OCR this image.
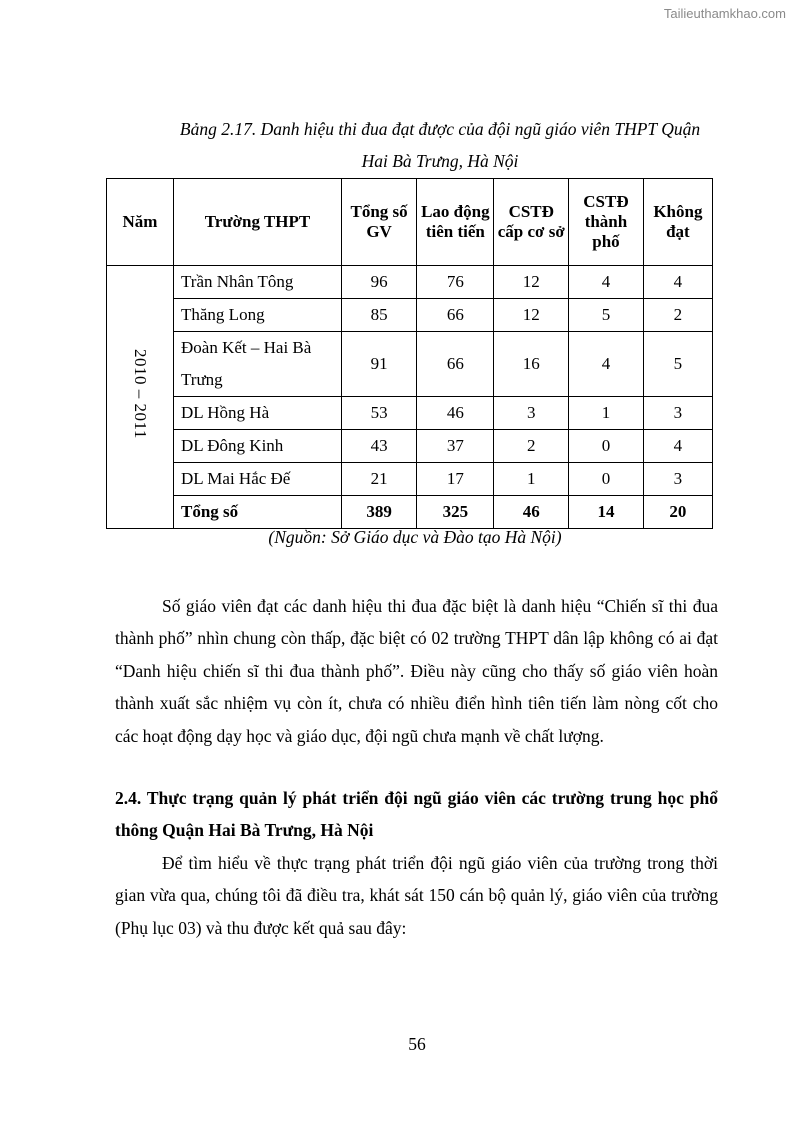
Tailieuthamkhao.com
Bảng 2.17. Danh hiệu thi đua đạt được của đội ngũ giáo viên THPT Quận
Hai Bà Trưng, Hà Nội
Năm	Trường THPT	Tổng số GV	Lao động tiên tiến	CSTĐ cấp cơ sở	CSTĐ thành phố	Không đạt
2010 – 2011	Trần Nhân Tông	96	76	12	4	4
	Thăng Long	85	66	12	5	2
	Đoàn Kết – Hai Bà Trưng	91	66	16	4	5
	DL Hồng Hà	53	46	3	1	3
	DL Đông Kinh	43	37	2	0	4
	DL Mai Hắc Đế	21	17	1	0	3
	Tổng số	389	325	46	14	20
(Nguồn: Sở Giáo dục và Đào tạo Hà Nội)

Số giáo viên đạt các danh hiệu thi đua đặc biệt là danh hiệu “Chiến sĩ thi đua thành phố” nhìn chung còn thấp, đặc biệt có 02 trường THPT dân lập không có ai đạt “Danh hiệu chiến sĩ thi đua thành phố”. Điều này cũng cho thấy số giáo viên hoàn thành xuất sắc nhiệm vụ còn ít, chưa có nhiều điển hình tiên tiến làm nòng cốt cho các hoạt động dạy học và giáo dục, đội ngũ chưa mạnh về chất lượng.

2.4. Thực trạng quản lý phát triển đội ngũ giáo viên các trường trung học phổ thông Quận Hai Bà Trưng, Hà Nội

Để tìm hiểu về thực trạng phát triển đội ngũ giáo viên của trường trong thời gian vừa qua, chúng tôi đã điều tra, khát sát 150 cán bộ quản lý, giáo viên của trường (Phụ lục 03) và thu được kết quả sau đây:

56
